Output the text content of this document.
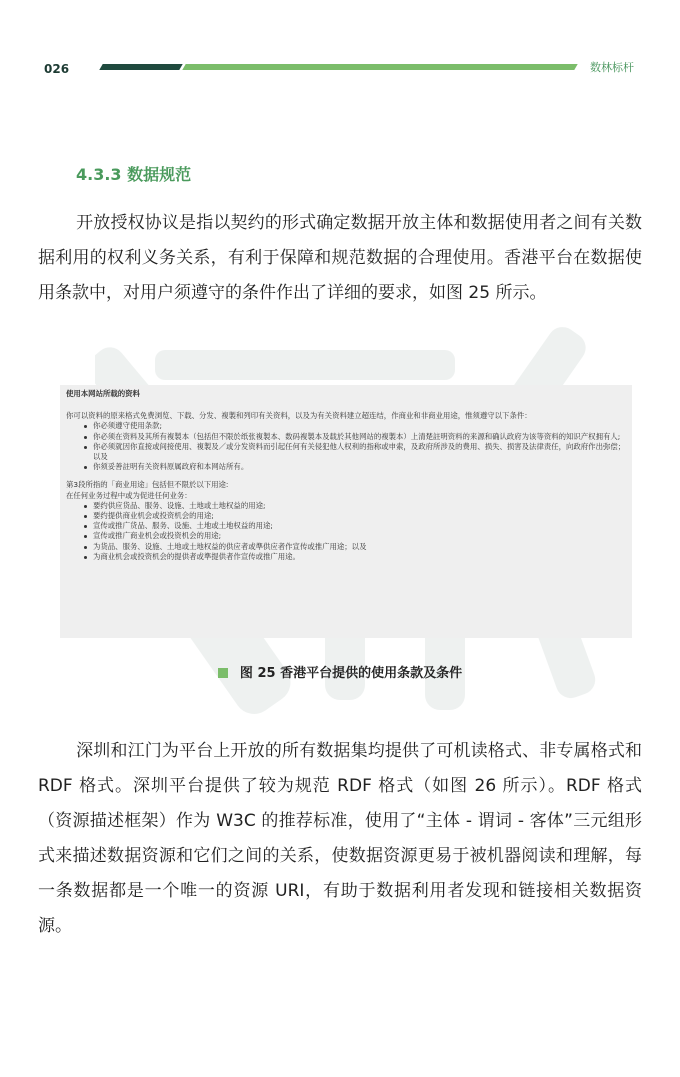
026	数林标杆
4.3.3 数据规范

开放授权协议是指以契约的形式确定数据开放主体和数据使用者之间有关数据利用的权利义务关系，有利于保障和规范数据的合理使用。香港平台在数据使用条款中，对用户须遵守的条件作出了详细的要求，如图 25 所示。

使用本网站所载的资料
你可以资料的原来格式免费浏览、下载、分发、複製和列印有关资料，以及为有关资料建立超连结，作商业和非商业用途，惟须遵守以下条件：
你必须遵守使用条款;
你必须在资料及其所有複製本（包括但不限於纸张複製本、数码複製本及载於其他网站的複製本）上清楚註明资料的来源和确认政府为该等资料的知识产权拥有人;
你必须就因你直接或间接使用、複製及／或分发资料而引起任何有关侵犯他人权利的指称或申索，及政府所涉及的费用、损失、损害及法律责任，向政府作出弥偿；以及
你须妥善註明有关资料原属政府和本网站所有。
第3段所指的「商业用途」包括但不限於以下用途:
在任何业务过程中或为促进任何业务：
要约供应货品、服务、设施、土地或土地权益的用途;
要约提供商业机会或投资机会的用途;
宣传或推广货品、服务、设施、土地或土地权益的用途;
宣传或推广商业机会或投资机会的用途;
为货品、服务、设施、土地或土地权益的供应者或準供应者作宣传或推广用途；以及
为商业机会或投资机会的提供者或準提供者作宣传或推广用途。
图 25 香港平台提供的使用条款及条件

深圳和江门为平台上开放的所有数据集均提供了可机读格式、非专属格式和 RDF 格式。深圳平台提供了较为规范 RDF 格式（如图 26 所示）。RDF 格式（资源描述框架）作为 W3C 的推荐标准，使用了“主体 - 谓词 - 客体”三元组形式来描述数据资源和它们之间的关系，使数据资源更易于被机器阅读和理解，每一条数据都是一个唯一的资源 URI，有助于数据利用者发现和链接相关数据资源。
